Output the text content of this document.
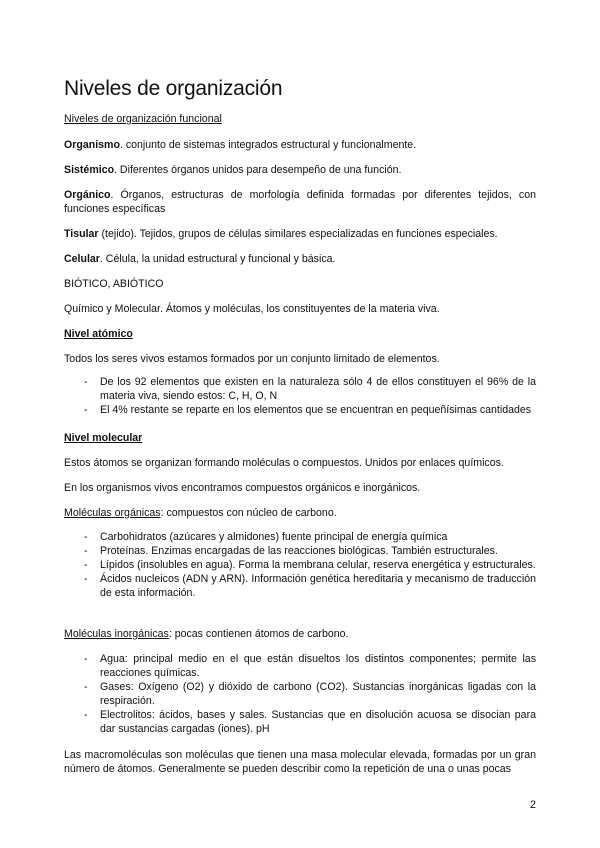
Niveles de organización

Niveles de organización funcional

Organismo. conjunto de sistemas integrados estructural y funcionalmente.

Sistémico. Diferentes órganos unidos para desempeño de una función.

Orgánico. Órganos, estructuras de morfología definida formadas por diferentes tejidos, con funciones específicas

Tisular (tejido). Tejidos, grupos de células similares especializadas en funciones especiales.

Celular. Célula, la unidad estructural y funcional y básica.

BIÓTICO, ABIÓTICO

Químico y Molecular. Átomos y moléculas, los constituyentes de la materia viva.

Nivel atómico

Todos los seres vivos estamos formados por un conjunto limitado de elementos.

- De los 92 elementos que existen en la naturaleza sólo 4 de ellos constituyen el 96% de la materia viva, siendo estos: C, H, O, N
- El 4% restante se reparte en los elementos que se encuentran en pequeñísimas cantidades

Nivel molecular

Estos átomos se organizan formando moléculas o compuestos. Unidos por enlaces químicos.

En los organismos vivos encontramos compuestos orgánicos e inorgánicos.

Moléculas orgánicas: compuestos con núcleo de carbono.

- Carbohidratos (azúcares y almidones) fuente principal de energía química
- Proteínas. Enzimas encargadas de las reacciones biológicas. También estructurales.
- Lípidos (insolubles en agua). Forma la membrana celular, reserva energética y estructurales.
- Ácidos nucleicos (ADN y ARN). Información genética hereditaria y mecanismo de traducción de esta información.

Moléculas inorgánicas: pocas contienen átomos de carbono.

- Agua: principal medio en el que están disueltos los distintos componentes; permite las reacciones químicas.
- Gases: Oxígeno (O2) y dióxido de carbono (CO2). Sustancias inorgánicas ligadas con la respiración.
- Electrolitos: ácidos, bases y sales. Sustancias que en disolución acuosa se disocian para dar sustancias cargadas (iones). pH

Las macromoléculas son moléculas que tienen una masa molecular elevada, formadas por un gran número de átomos. Generalmente se pueden describir como la repetición de una o unas pocas

2
